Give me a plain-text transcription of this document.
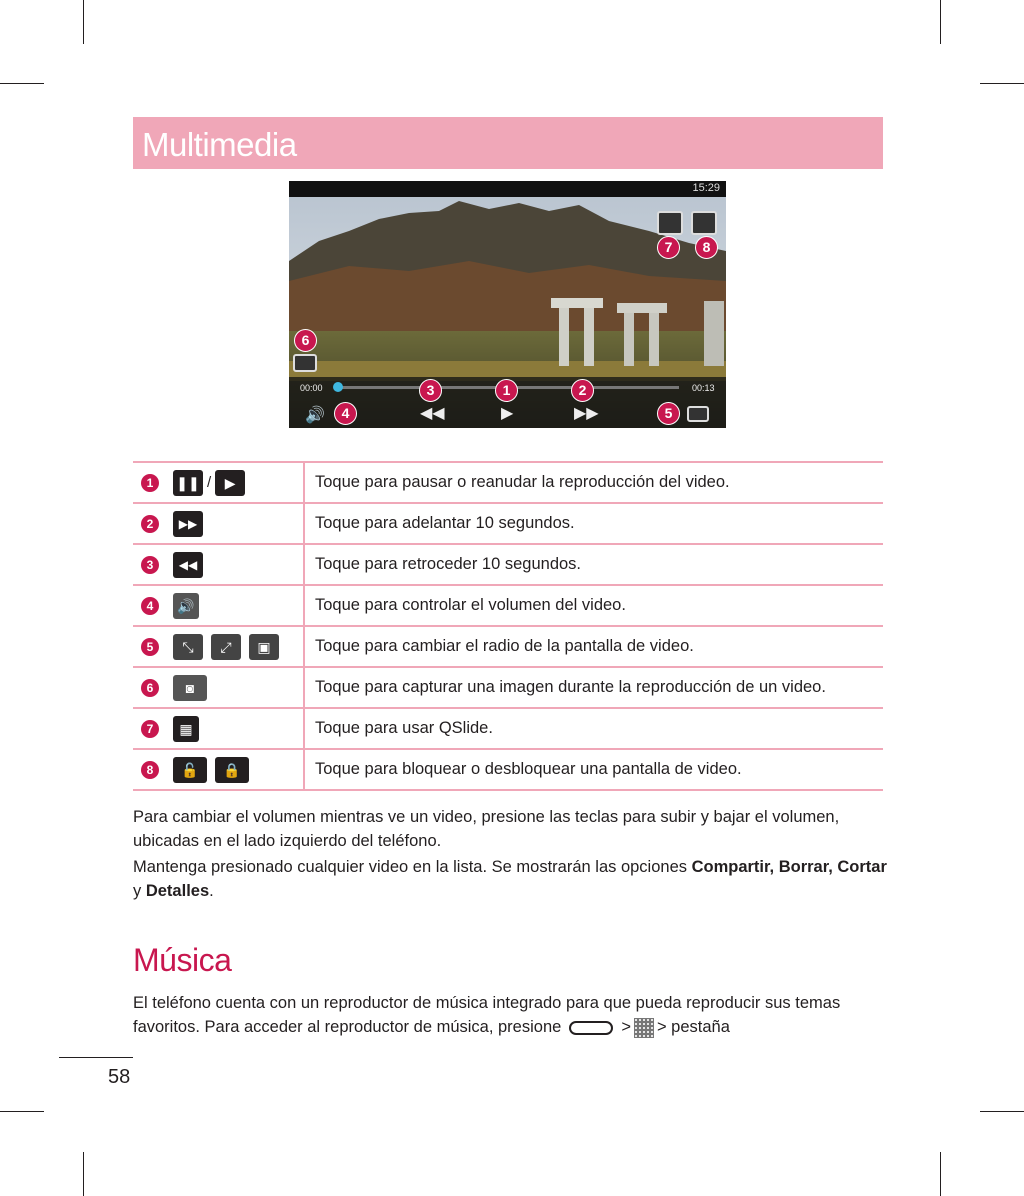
Multimedia
15:29
7	8
6
00:00	00:13
3	1	2
4	5
🔊	◀◀	▶	▶▶
1 ❚❚ / ▶	Toque para pausar o reanudar la reproducción del video.
2 ▶▶	Toque para adelantar 10 segundos.
3 ◀◀	Toque para retroceder 10 segundos.
4 🔊	Toque para controlar el volumen del video.
5 ⤡ ⤢ ▣	Toque para cambiar el radio de la pantalla de video.
6 ◙	Toque para capturar una imagen durante la reproducción de un video.
7 ▦	Toque para usar QSlide.
8 🔓 🔒	Toque para bloquear o desbloquear una pantalla de video.
Para cambiar el volumen mientras ve un video, presione las teclas para subir y bajar el volumen, ubicadas en el lado izquierdo del teléfono.
Mantenga presionado cualquier video en la lista. Se mostrarán las opciones Compartir, Borrar, Cortar y Detalles.
Música
El teléfono cuenta con un reproductor de música integrado para que pueda reproducir sus temas favoritos. Para acceder al reproductor de música, presione	> > pestaña
58
